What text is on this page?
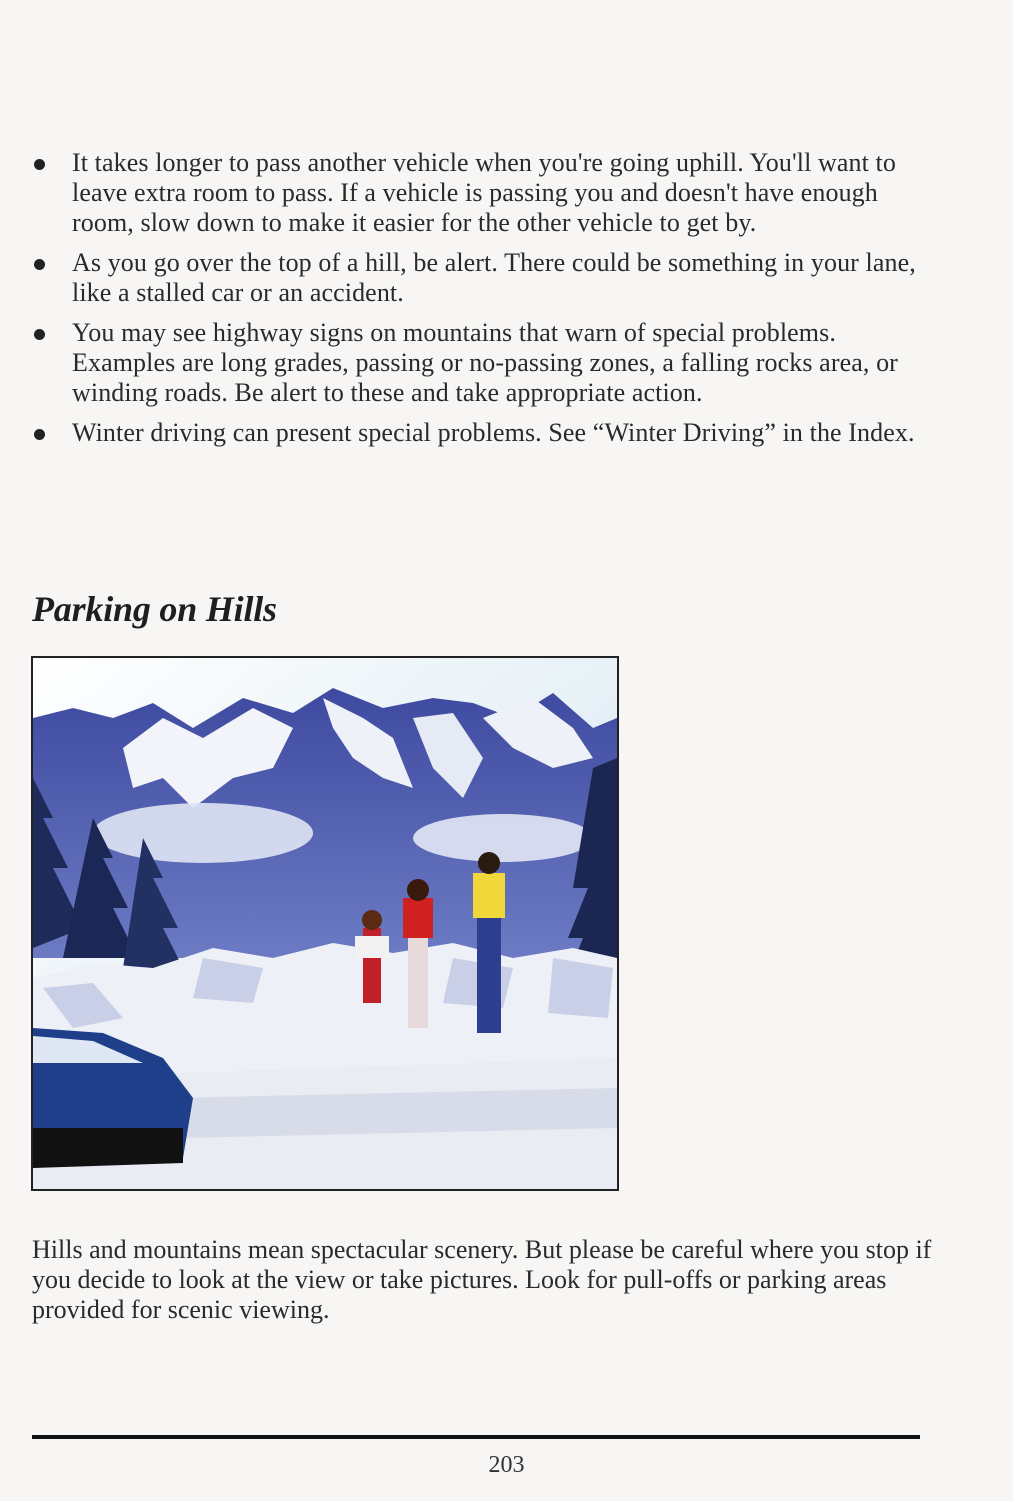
It takes longer to pass another vehicle when you're going uphill. You'll want to leave extra room to pass. If a vehicle is passing you and doesn't have enough room, slow down to make it easier for the other vehicle to get by.
As you go over the top of a hill, be alert. There could be something in your lane, like a stalled car or an accident.
You may see highway signs on mountains that warn of special problems. Examples are long grades, passing or no-passing zones, a falling rocks area, or winding roads. Be alert to these and take appropriate action.
Winter driving can present special problems. See “Winter Driving” in the Index.
Parking on Hills

Hills and mountains mean spectacular scenery. But please be careful where you stop if you decide to look at the view or take pictures. Look for pull-offs or parking areas provided for scenic viewing.

203
